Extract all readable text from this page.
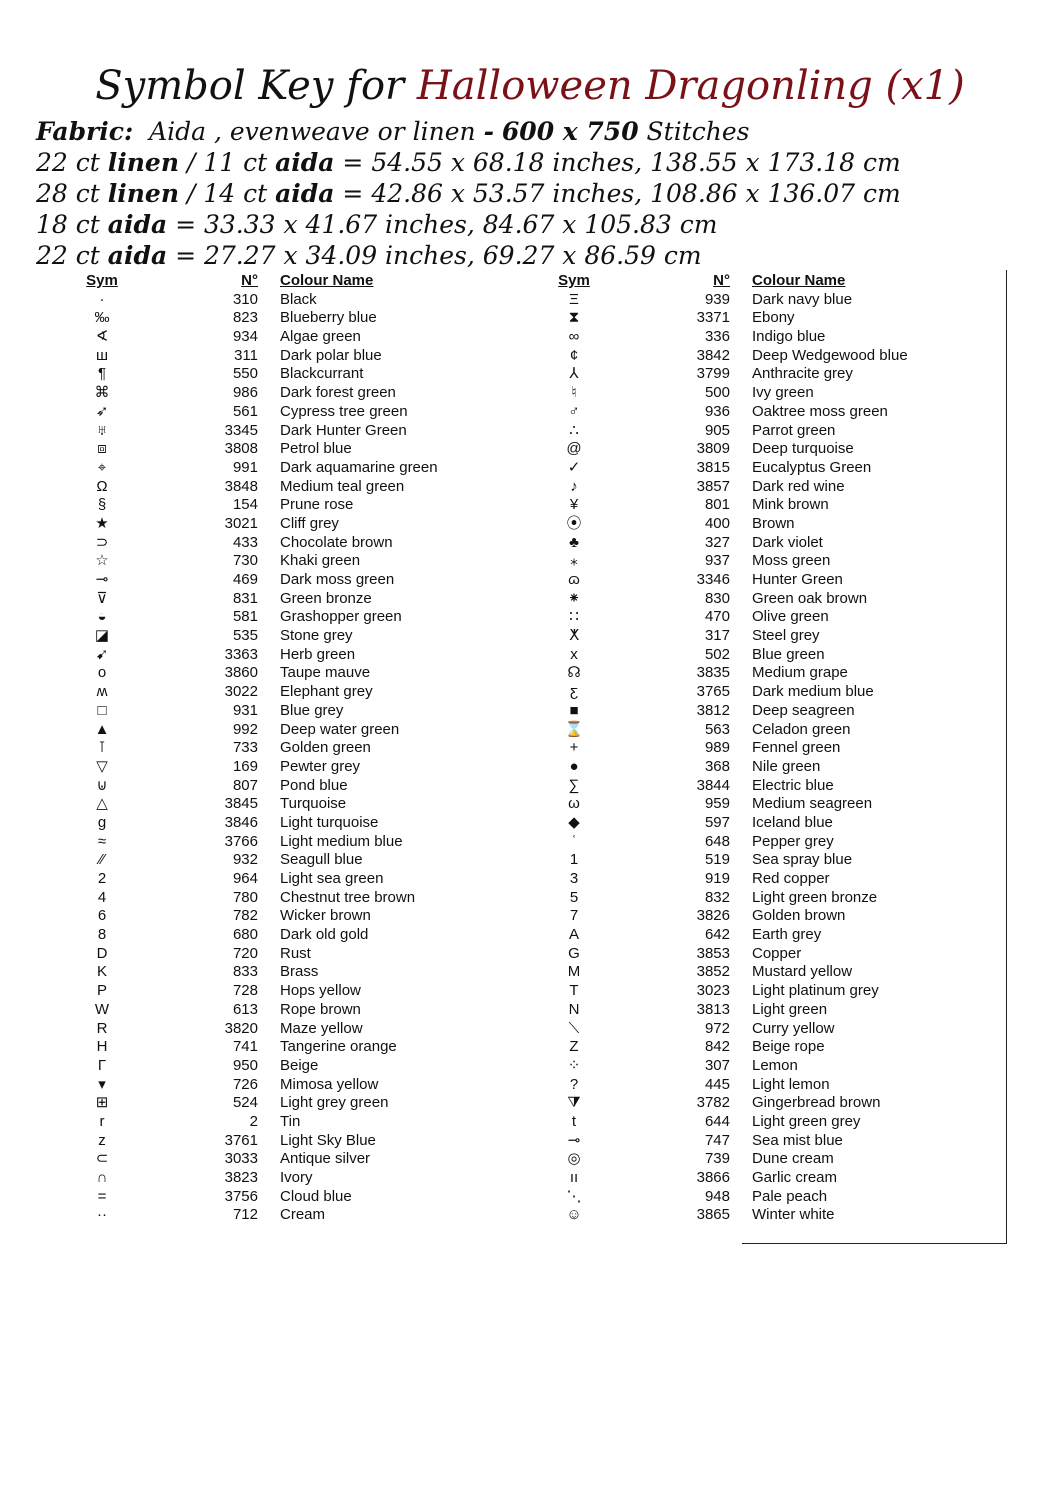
Symbol Key for Halloween Dragonling (x1)
Fabric: Aida , evenweave or linen - 600 x 750 Stitches
22 ct linen / 11 ct aida = 54.55 x 68.18 inches, 138.55 x 173.18 cm
28 ct linen / 14 ct aida = 42.86 x 53.57 inches, 108.86 x 136.07 cm
18 ct aida = 33.33 x 41.67 inches, 84.67 x 105.83 cm
22 ct aida = 27.27 x 34.09 inches, 69.27 x 86.59 cm
Sym	N° Colour Name
·	310 Black
‰	823 Blueberry blue
∢	934 Algae green
ш	311 Dark polar blue
¶	550 Blackcurrant
⌘	986 Dark forest green
➶	561 Cypress tree green
♅	3345 Dark Hunter Green
⧈	3808 Petrol blue
⌖	991 Dark aquamarine green
Ω	3848 Medium teal green
§	154 Prune rose
★	3021 Cliff grey
⊃	433 Chocolate brown
☆	730 Khaki green
⊸	469 Dark moss green
⊽	831 Green bronze
◒	581 Grashopper green
◪	535 Stone grey
➹	3363 Herb green
o	3860 Taupe mauve
ʍ	3022 Elephant grey
□	931 Blue grey
▲	992 Deep water green
⊺	733 Golden green
▽	169 Pewter grey
⊍	807 Pond blue
△	3845 Turquoise
g	3846 Light turquoise
≈	3766 Light medium blue
⁄⁄	932 Seagull blue
2	964 Light sea green
4	780 Chestnut tree brown
6	782 Wicker brown
8	680 Dark old gold
D	720 Rust
K	833 Brass
P	728 Hops yellow
W	613 Rope brown
R	3820 Maze yellow
H	741 Tangerine orange
Γ	950 Beige
▾	726 Mimosa yellow
⊞	524 Light grey green
r	2 Tin
z	3761 Light Sky Blue
⊂	3033 Antique silver
∩	3823 Ivory
=	3756 Cloud blue
··	712 Cream
Sym	N° Colour Name
Ξ	939 Dark navy blue
⧗	3371 Ebony
∞	336 Indigo blue
¢	3842 Deep Wedgewood blue
⅄	3799 Anthracite grey
♮	500 Ivy green
♂	936 Oaktree moss green
∴	905 Parrot green
@	3809 Deep turquoise
✓	3815 Eucalyptus Green
♪	3857 Dark red wine
¥	801 Mink brown
⦿	400 Brown
♣	327 Dark violet
⁎	937 Moss green
ɷ	3346 Hunter Green
⁕	830 Green oak brown
∷	470 Olive green
ⵅ	317 Steel grey
x	502 Blue green
☊	3835 Medium grape
ƹ	3765 Dark medium blue
■	3812 Deep seagreen
⌛	563 Celadon green
+	989 Fennel green
●	368 Nile green
∑	3844 Electric blue
ω	959 Medium seagreen
◆	597 Iceland blue
ʿ	648 Pepper grey
1	519 Sea spray blue
3	919 Red copper
5	832 Light green bronze
7	3826 Golden brown
A	642 Earth grey
G	3853 Copper
M	3852 Mustard yellow
T	3023 Light platinum grey
N	3813 Light green
⟍	972 Curry yellow
Z	842 Beige rope
⁘	307 Lemon
?	445 Light lemon
⧩	3782 Gingerbread brown
t	644 Light green grey
⊸	747 Sea mist blue
◎	739 Dune cream
ıı	3866 Garlic cream
⋱	948 Pale peach
☺	3865 Winter white
